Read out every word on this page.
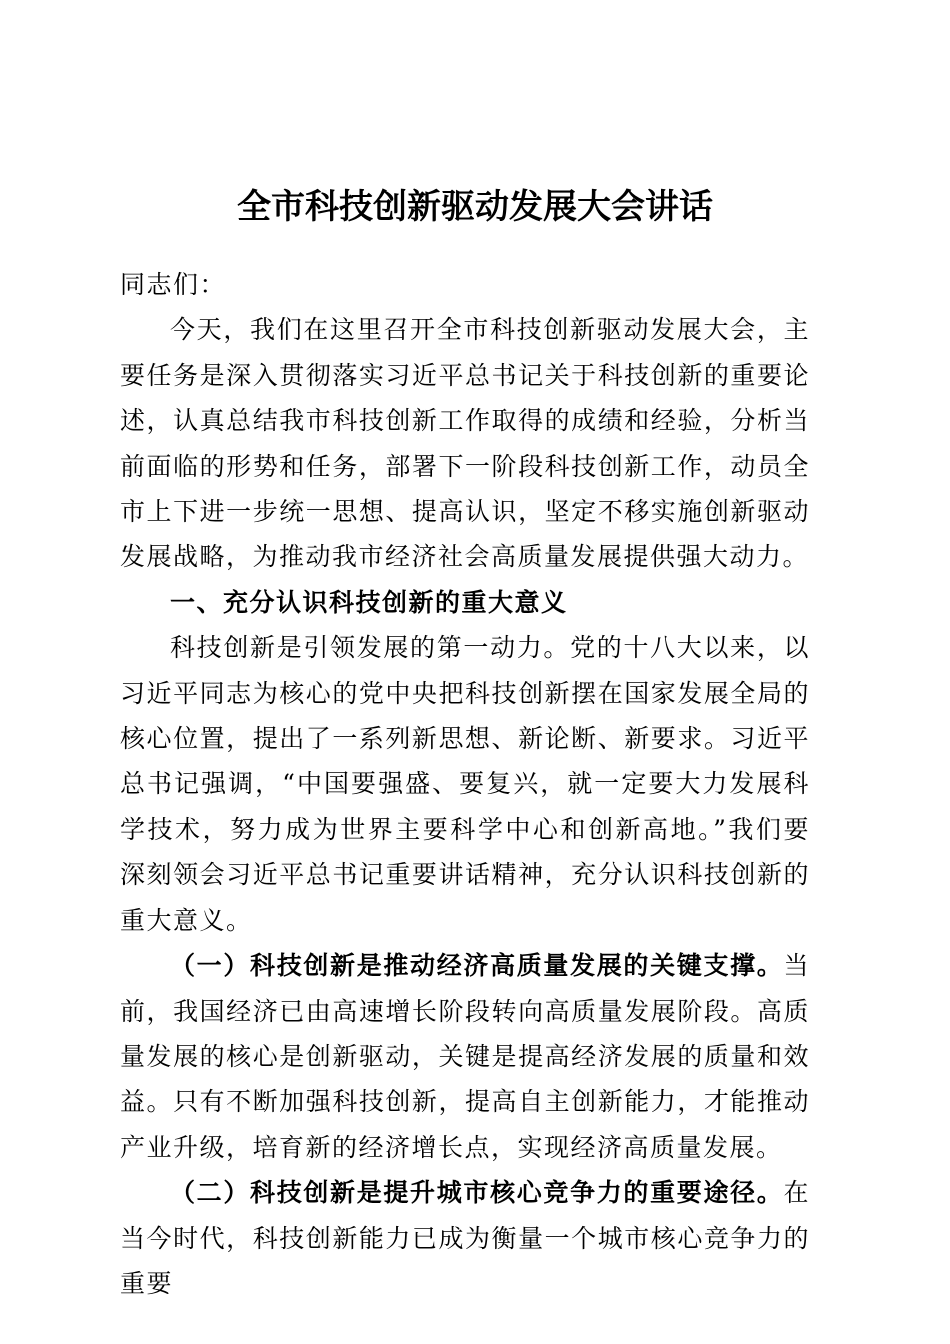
全市科技创新驱动发展大会讲话

同志们：

今天，我们在这里召开全市科技创新驱动发展大会，主要任务是深入贯彻落实习近平总书记关于科技创新的重要论述，认真总结我市科技创新工作取得的成绩和经验，分析当前面临的形势和任务，部署下一阶段科技创新工作，动员全市上下进一步统一思想、提高认识，坚定不移实施创新驱动发展战略，为推动我市经济社会高质量发展提供强大动力。

一、充分认识科技创新的重大意义

科技创新是引领发展的第一动力。党的十八大以来，以习近平同志为核心的党中央把科技创新摆在国家发展全局的核心位置，提出了一系列新思想、新论断、新要求。习近平总书记强调，“中国要强盛、要复兴，就一定要大力发展科学技术，努力成为世界主要科学中心和创新高地。”我们要深刻领会习近平总书记重要讲话精神，充分认识科技创新的重大意义。

（一）科技创新是推动经济高质量发展的关键支撑。当前，我国经济已由高速增长阶段转向高质量发展阶段。高质量发展的核心是创新驱动，关键是提高经济发展的质量和效益。只有不断加强科技创新，提高自主创新能力，才能推动产业升级，培育新的经济增长点，实现经济高质量发展。

（二）科技创新是提升城市核心竞争力的重要途径。在当今时代，科技创新能力已成为衡量一个城市核心竞争力的重要
